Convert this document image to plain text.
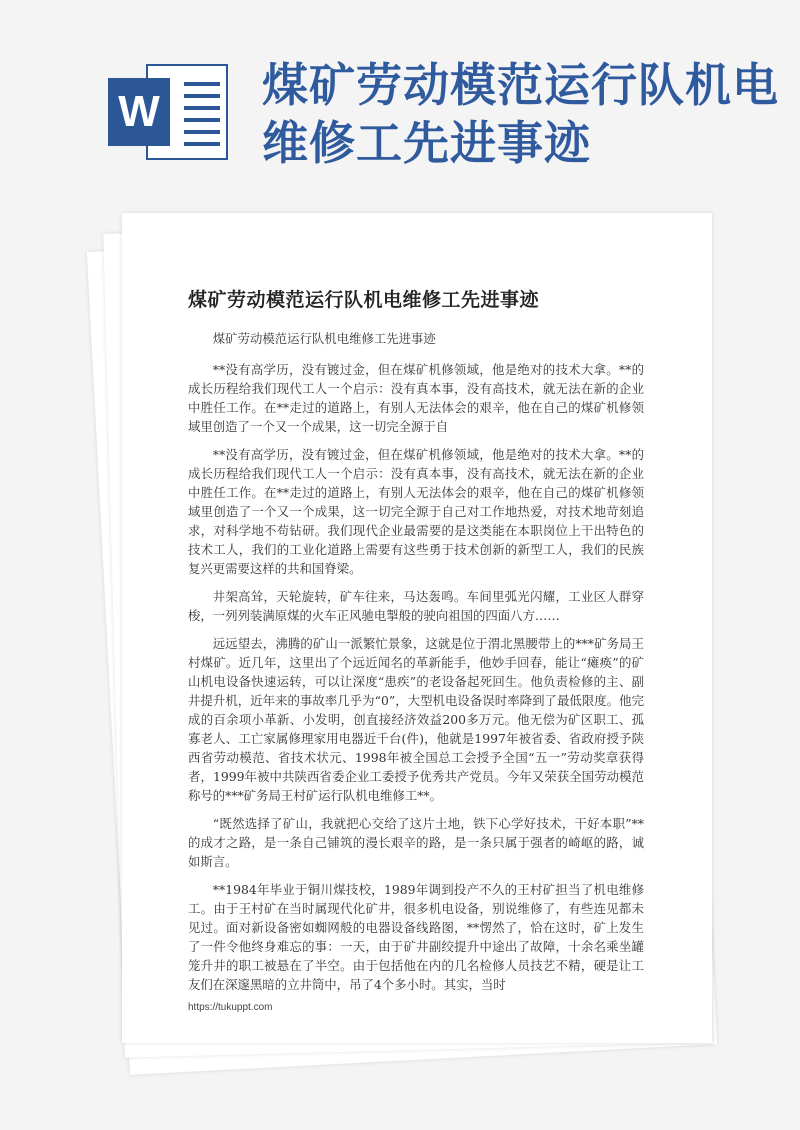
W 煤矿劳动模范运行队机电维修工先进事迹
煤矿劳动模范运行队机电维修工先进事迹

煤矿劳动模范运行队机电维修工先进事迹

**没有高学历，没有镀过金，但在煤矿机修领域，他是绝对的技术大拿。**的成长历程给我们现代工人一个启示：没有真本事，没有高技术，就无法在新的企业中胜任工作。在**走过的道路上，有别人无法体会的艰辛，他在自己的煤矿机修领域里创造了一个又一个成果，这一切完全源于自

**没有高学历，没有镀过金，但在煤矿机修领域，他是绝对的技术大拿。**的成长历程给我们现代工人一个启示：没有真本事，没有高技术，就无法在新的企业中胜任工作。在**走过的道路上，有别人无法体会的艰辛，他在自己的煤矿机修领域里创造了一个又一个成果，这一切完全源于自己对工作地热爱，对技术地苛刻追求，对科学地不苟钻研。我们现代企业最需要的是这类能在本职岗位上干出特色的技术工人，我们的工业化道路上需要有这些勇于技术创新的新型工人，我们的民族复兴更需要这样的共和国脊梁。

井架高耸，天轮旋转，矿车往来，马达轰鸣。车间里弧光闪耀，工业区人群穿梭，一列列装满原煤的火车正风驰电掣般的驶向祖国的四面八方……

远远望去，沸腾的矿山一派繁忙景象，这就是位于渭北黑腰带上的***矿务局王村煤矿。近几年，这里出了个远近闻名的革新能手，他妙手回春，能让“瘫痪”的矿山机电设备快速运转，可以让深度“患疾”的老设备起死回生。他负责检修的主、副井提升机，近年来的事故率几乎为“0”，大型机电设备误时率降到了最低限度。他完成的百余项小革新、小发明，创直接经济效益200多万元。他无偿为矿区职工、孤寡老人、工亡家属修理家用电器近千台(件)，他就是1997年被省委、省政府授予陕西省劳动模范、省技术状元、1998年被全国总工会授予全国“五一”劳动奖章获得者，1999年被中共陕西省委企业工委授予优秀共产党员。今年又荣获全国劳动模范称号的***矿务局王村矿运行队机电维修工**。

“既然选择了矿山，我就把心交给了这片土地，铁下心学好技术，干好本职”**的成才之路，是一条自己铺筑的漫长艰辛的路，是一条只属于强者的崎岖的路，诚如斯言。

**1984年毕业于铜川煤技校，1989年调到投产不久的王村矿担当了机电维修工。由于王村矿在当时属现代化矿井，很多机电设备，别说维修了，有些连见都未见过。面对新设备密如蜘网般的电器设备线路图，**愣然了，恰在这时，矿上发生了一件令他终身难忘的事：一天，由于矿井副绞提升中途出了故障，十余名乘坐罐笼升井的职工被悬在了半空。由于包括他在内的几名检修人员技艺不精，硬是让工友们在深邃黑暗的立井筒中，吊了4个多小时。其实，当时

https://tukuppt.com
